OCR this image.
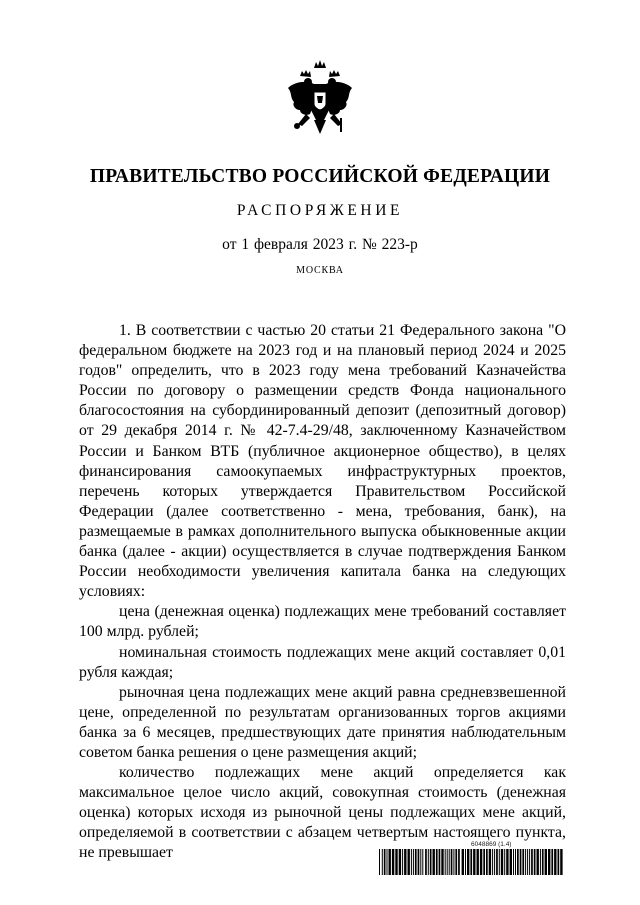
ПРАВИТЕЛЬСТВО РОССИЙСКОЙ ФЕДЕРАЦИИ
РАСПОРЯЖЕНИЕ
от 1 февраля 2023 г. № 223-р
МОСКВА

1. В соответствии с частью 20 статьи 21 Федерального закона "О федеральном бюджете на 2023 год и на плановый период 2024 и 2025 годов" определить, что в 2023 году мена требований Казначейства России по договору о размещении средств Фонда национального благосостояния на субординированный депозит (депозитный договор) от 29 декабря 2014 г. № 42-7.4-29/48, заключенному Казначейством России и Банком ВТБ (публичное акционерное общество), в целях финансирования самоокупаемых инфраструктурных проектов, перечень которых утверждается Правительством Российской Федерации (далее соответственно - мена, требования, банк), на размещаемые в рамках дополнительного выпуска обыкновенные акции банка (далее - акции) осуществляется в случае подтверждения Банком России необходимости увеличения капитала банка на следующих условиях:

цена (денежная оценка) подлежащих мене требований составляет 100 млрд. рублей;

номинальная стоимость подлежащих мене акций составляет 0,01 рубля каждая;

рыночная цена подлежащих мене акций равна средневзвешенной цене, определенной по результатам организованных торгов акциями банка за 6 месяцев, предшествующих дате принятия наблюдательным советом банка решения о цене размещения акций;

количество подлежащих мене акций определяется как максимальное целое число акций, совокупная стоимость (денежная оценка) которых исходя из рыночной цены подлежащих мене акций, определяемой в соответствии с абзацем четвертым настоящего пункта, не превышает	6048869 (1.4)
